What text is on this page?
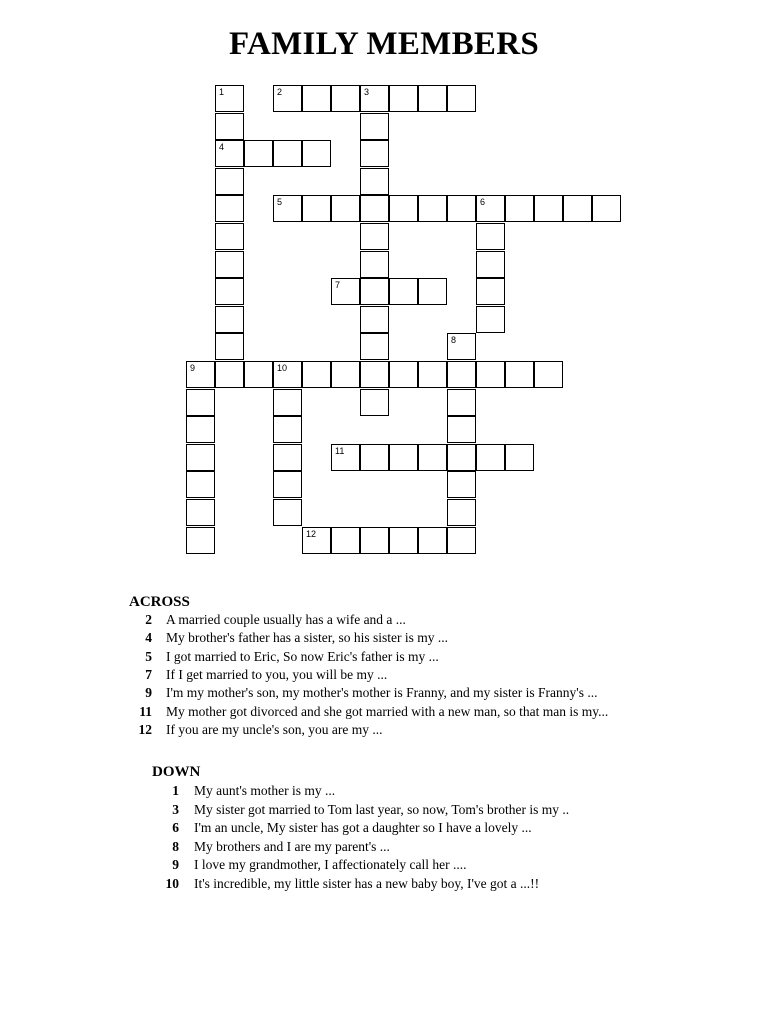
FAMILY MEMBERS
1
4
2	3
5	6
7
8
9	10
11
12
ACROSS
2 A married couple usually has a wife and a ...
4 My brother's father has a sister, so his sister is my ...
5 I got married to Eric, So now Eric's father is my ...
7 If I get married to you, you will be my ...
9 I'm my mother's son, my mother's mother is Franny, and my sister is Franny's ...
11 My mother got divorced and she got married with a new man, so that man is my...
12 If you are my uncle's son, you are my ...
DOWN
1 My aunt's mother is my ...
3 My sister got married to Tom last year, so now, Tom's brother is my ..
6 I'm an uncle, My sister has got a daughter so I have a lovely ...
8 My brothers and I are my parent's ...
9 I love my grandmother, I affectionately call her ....
10 It's incredible, my little sister has a new baby boy, I've got a ...!!
